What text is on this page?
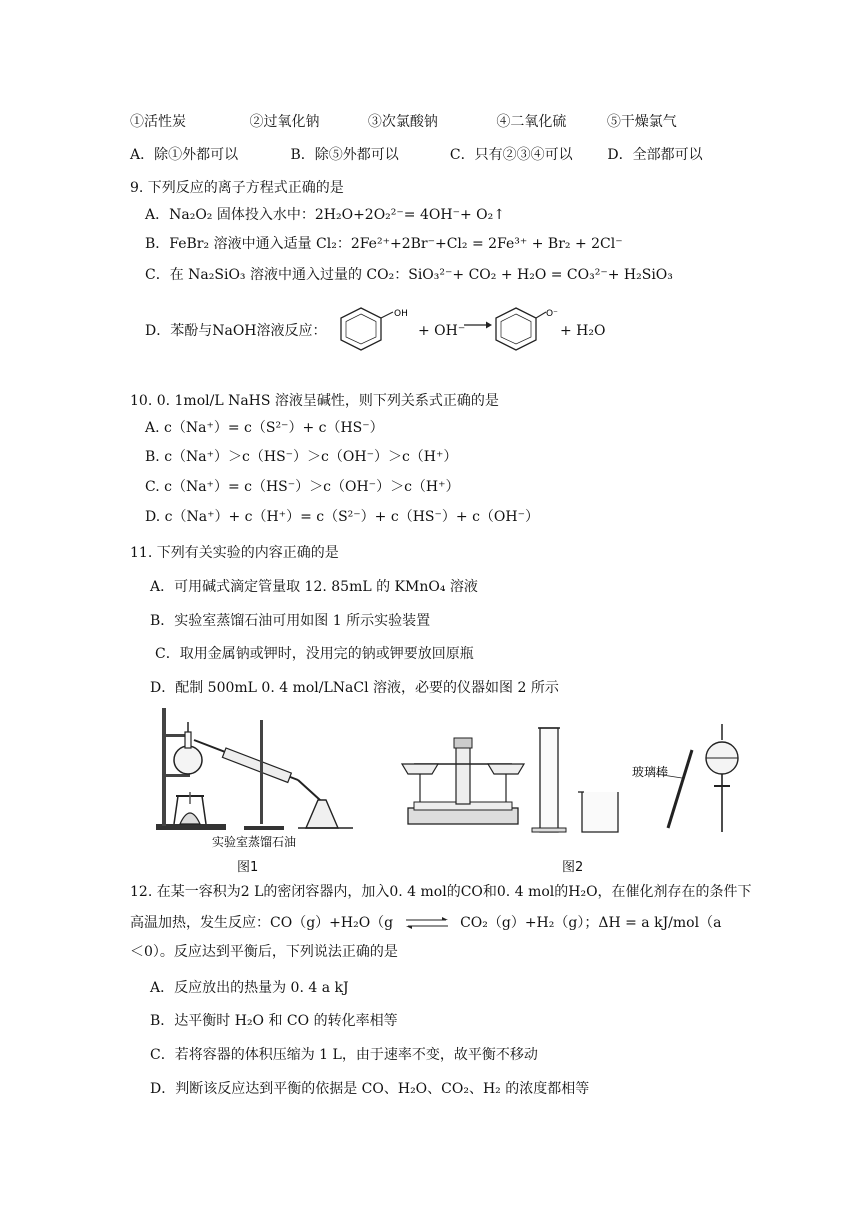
①活性炭	②过氧化钠	③次氯酸钠	④二氧化硫	⑤干燥氯气
A．除①外都可以	B．除⑤外都可以	C．只有②③④可以 D．全部都可以
9. 下列反应的离子方程式正确的是
A．Na₂O₂ 固体投入水中：2H₂O+2O₂²⁻= 4OH⁻+ O₂↑
B．FeBr₂ 溶液中通入适量 Cl₂：2Fe²⁺+2Br⁻+Cl₂ = 2Fe³⁺ + Br₂ + 2Cl⁻
C．在 Na₂SiO₃ 溶液中通入过量的 CO₂：SiO₃²⁻+ CO₂ + H₂O = CO₃²⁻+ H₂SiO₃
D．苯酚与NaOH溶液反应：
OH
+ OH⁻
O⁻
+ H₂O
10. 0. 1mol/L NaHS 溶液呈碱性，则下列关系式正确的是
A. c（Na⁺）= c（S²⁻）+ c（HS⁻）
B. c（Na⁺）＞c（HS⁻）＞c（OH⁻）＞c（H⁺）
C. c（Na⁺）= c（HS⁻）＞c（OH⁻）＞c（H⁺）
D. c（Na⁺）+ c（H⁺）= c（S²⁻）+ c（HS⁻）+ c（OH⁻）
11. 下列有关实验的内容正确的是
A．可用碱式滴定管量取 12. 85mL 的 KMnO₄ 溶液
B．实验室蒸馏石油可用如图 1 所示实验装置
C．取用金属钠或钾时，没用完的钠或钾要放回原瓶
D．配制 500mL 0. 4 mol/LNaCl 溶液，必要的仪器如图 2 所示
实验室蒸馏石油
图1
玻璃棒
图2
12. 在某一容积为2 L的密闭容器内，加入0. 4 mol的CO和0. 4 mol的H₂O，在催化剂存在的条件下
高温加热，发生反应：CO（g）+H₂O（g ⇌ CO₂（g）+H₂（g）；ΔH = a kJ/mol（a
＜0）。反应达到平衡后，下列说法正确的是
A．反应放出的热量为 0. 4 a kJ
B．达平衡时 H₂O 和 CO 的转化率相等
C．若将容器的体积压缩为 1 L，由于速率不变，故平衡不移动
D．判断该反应达到平衡的依据是 CO、H₂O、CO₂、H₂ 的浓度都相等
